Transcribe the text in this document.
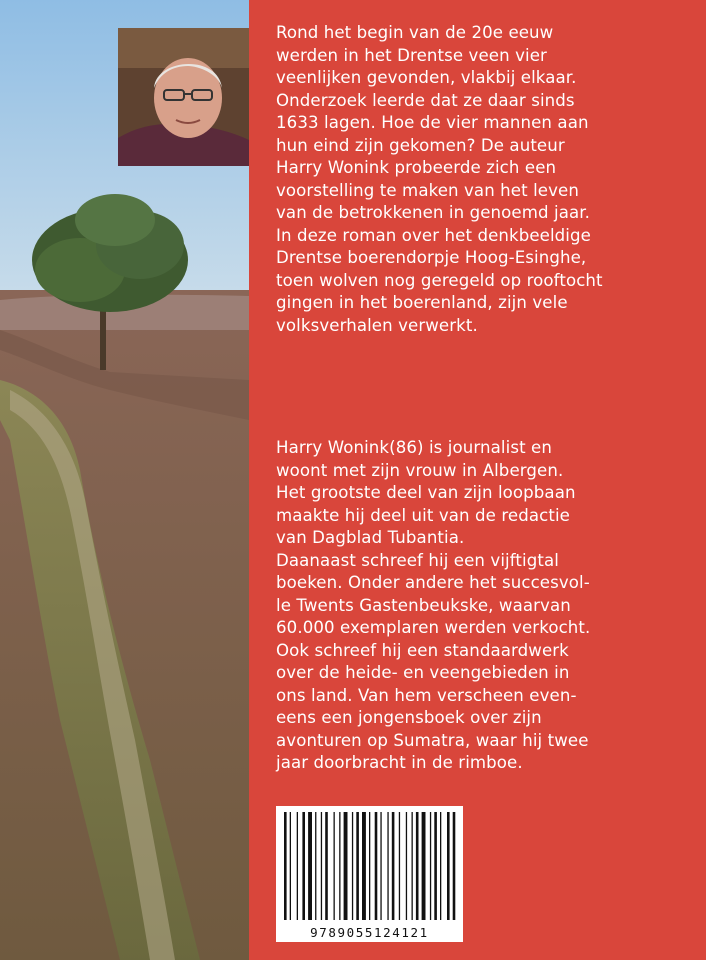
Rond het begin van de 20e eeuw

werden in het Drentse veen vier

veenlijken gevonden, vlakbij elkaar.

Onderzoek leerde dat ze daar sinds

1633 lagen. Hoe de vier mannen aan

hun eind zijn gekomen? De auteur

Harry Wonink probeerde zich een

voorstelling te maken van het leven

van de betrokkenen in genoemd jaar.

In deze roman over het denkbeeldige

Drentse boerendorpje Hoog-Esinghe,

toen wolven nog geregeld op rooftocht

gingen in het boerenland, zijn vele

volksverhalen verwerkt.

Harry Wonink(86) is journalist en

woont met zijn vrouw in Albergen.

Het grootste deel van zijn loopbaan

maakte hij deel uit van de redactie

van Dagblad Tubantia.

Daanaast schreef hij een vijftigtal

boeken. Onder andere het succesvol-

le Twents Gastenbeukske, waarvan

60.000 exemplaren werden verkocht.

Ook schreef hij een standaardwerk

over de heide- en veengebieden in

ons land. Van hem verscheen even-

eens een jongensboek over zijn

avonturen op Sumatra, waar hij twee

jaar doorbracht in de rimboe.

9789055124121
